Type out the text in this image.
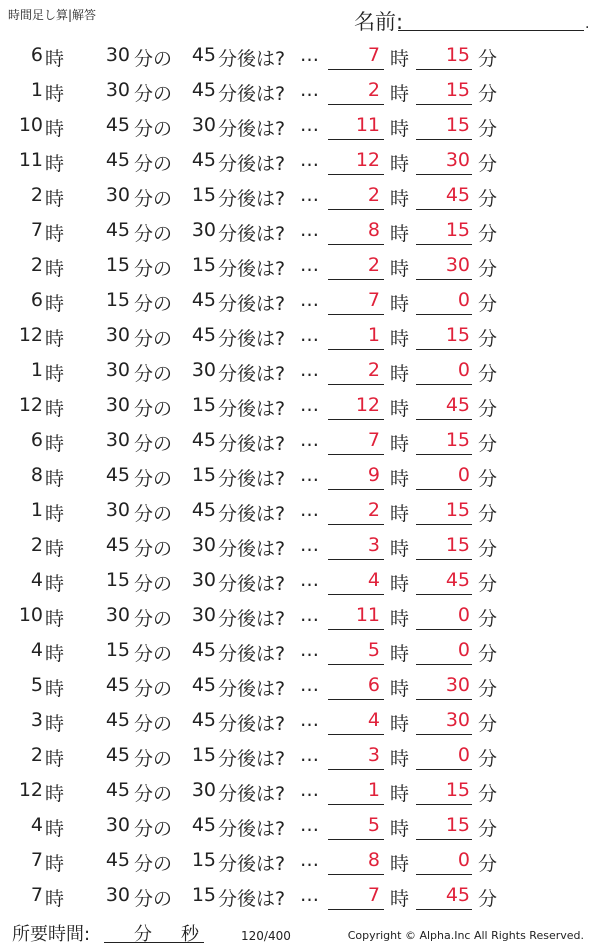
時間足し算|解答	名前:	.
6 時 30 分の 45 分後は? …	7 時 15 分
1 時 30 分の 45 分後は? …	2 時 15 分
10 時 45 分の 30 分後は? … 11 時 15 分
11 時 45 分の 45 分後は? … 12 時 30 分
2 時 30 分の 15 分後は? …	2 時 45 分
7 時 45 分の 30 分後は? …	8 時 15 分
2 時 15 分の 15 分後は? …	2 時 30 分
6 時 15 分の 45 分後は? …	7 時	0 分
12 時 30 分の 45 分後は? …	1 時 15 分
1 時 30 分の 30 分後は? …	2 時	0 分
12 時 30 分の 15 分後は? … 12 時 45 分
6 時 30 分の 45 分後は? …	7 時 15 分
8 時 45 分の 15 分後は? …	9 時	0 分
1 時 30 分の 45 分後は? …	2 時 15 分
2 時 45 分の 30 分後は? …	3 時 15 分
4 時 15 分の 30 分後は? …	4 時 45 分
10 時 30 分の 30 分後は? … 11 時	0 分
4 時 15 分の 45 分後は? …	5 時	0 分
5 時 45 分の 45 分後は? …	6 時 30 分
3 時 45 分の 45 分後は? …	4 時 30 分
2 時 45 分の 15 分後は? …	3 時	0 分
12 時 45 分の 30 分後は? …	1 時 15 分
4 時 30 分の 45 分後は? …	5 時 15 分
7 時 45 分の 15 分後は? …	8 時	0 分
7 時 30 分の 15 分後は? …	7 時 45 分
所要時間: 分 秒	120/400	Copyright © Alpha.Inc All Rights Reserved.
